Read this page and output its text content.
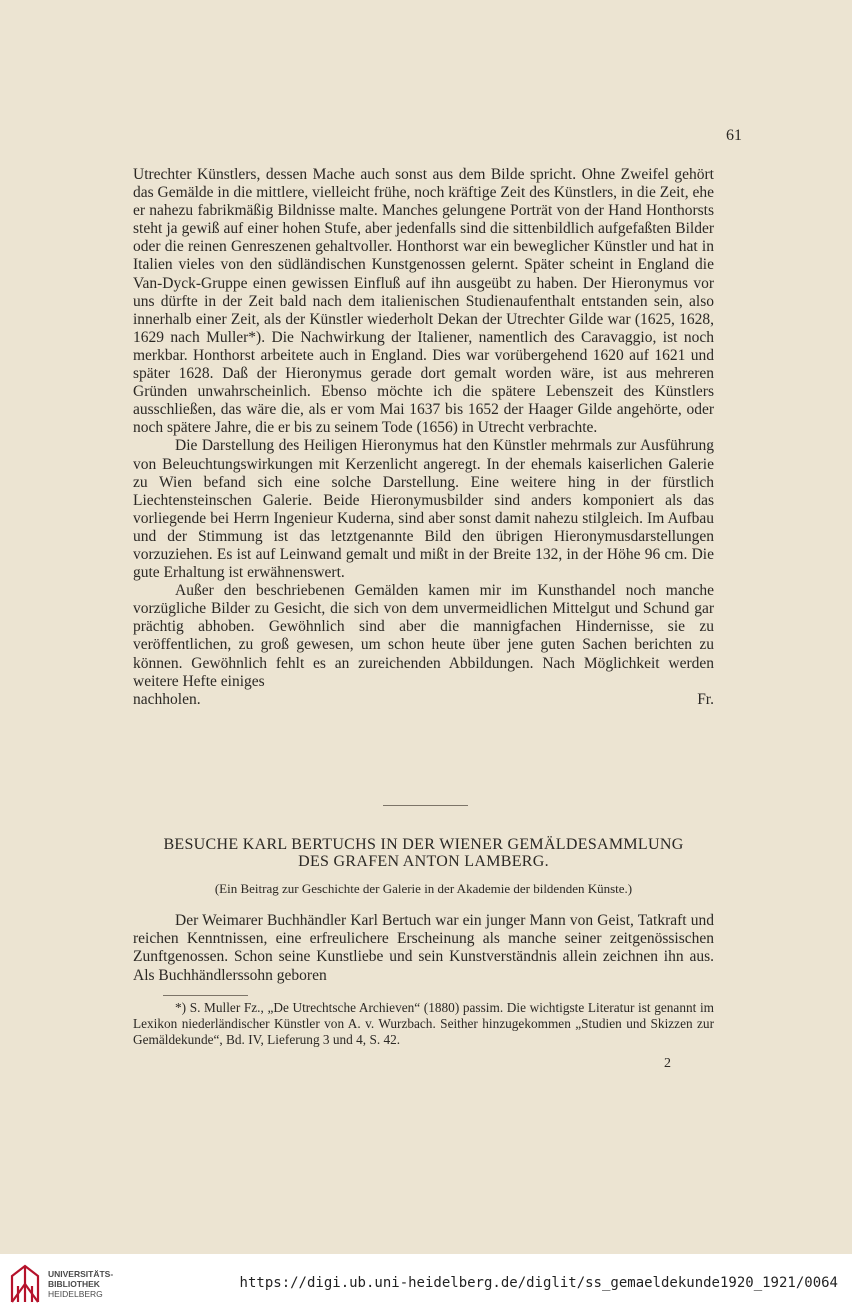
61

Utrechter Künstlers, dessen Mache auch sonst aus dem Bilde spricht. Ohne Zweifel gehört das Gemälde in die mittlere, vielleicht frühe, noch kräftige Zeit des Künstlers, in die Zeit, ehe er nahezu fabrikmäßig Bildnisse malte. Manches gelungene Porträt von der Hand Honthorsts steht ja gewiß auf einer hohen Stufe, aber jedenfalls sind die sittenbildlich aufgefaßten Bilder oder die reinen Genreszenen gehaltvoller. Honthorst war ein beweglicher Künstler und hat in Italien vieles von den südländischen Kunstgenossen gelernt. Später scheint in England die Van-Dyck-Gruppe einen gewissen Einfluß auf ihn ausgeübt zu haben. Der Hieronymus vor uns dürfte in der Zeit bald nach dem italienischen Studienaufenthalt entstanden sein, also innerhalb einer Zeit, als der Künstler wiederholt Dekan der Utrechter Gilde war (1625, 1628, 1629 nach Muller*). Die Nachwirkung der Italiener, namentlich des Caravaggio, ist noch merkbar. Honthorst arbeitete auch in England. Dies war vorübergehend 1620 auf 1621 und später 1628. Daß der Hieronymus gerade dort gemalt worden wäre, ist aus mehreren Gründen unwahrscheinlich. Ebenso möchte ich die spätere Lebenszeit des Künstlers ausschließen, das wäre die, als er vom Mai 1637 bis 1652 der Haager Gilde angehörte, oder noch spätere Jahre, die er bis zu seinem Tode (1656) in Utrecht verbrachte.

Die Darstellung des Heiligen Hieronymus hat den Künstler mehrmals zur Ausführung von Beleuchtungswirkungen mit Kerzenlicht angeregt. In der ehemals kaiserlichen Galerie zu Wien befand sich eine solche Darstellung. Eine weitere hing in der fürstlich Liechtensteinschen Galerie. Beide Hieronymusbilder sind anders komponiert als das vorliegende bei Herrn Ingenieur Kuderna, sind aber sonst damit nahezu stilgleich. Im Aufbau und der Stimmung ist das letztgenannte Bild den übrigen Hieronymusdarstellungen vorzuziehen. Es ist auf Leinwand gemalt und mißt in der Breite 132, in der Höhe 96 cm. Die gute Erhaltung ist erwähnenswert.

Außer den beschriebenen Gemälden kamen mir im Kunsthandel noch manche vorzügliche Bilder zu Gesicht, die sich von dem unvermeidlichen Mittelgut und Schund gar prächtig abhoben. Gewöhnlich sind aber die mannigfachen Hindernisse, sie zu veröffentlichen, zu groß gewesen, um schon heute über jene guten Sachen berichten zu können. Gewöhnlich fehlt es an zureichenden Abbildungen. Nach Möglichkeit werden weitere Hefte einiges

nachholen.	Fr.
BESUCHE KARL BERTUCHS IN DER WIENER GEMÄLDESAMMLUNG
DES GRAFEN ANTON LAMBERG.
(Ein Beitrag zur Geschichte der Galerie in der Akademie der bildenden Künste.)

Der Weimarer Buchhändler Karl Bertuch war ein junger Mann von Geist, Tatkraft und reichen Kenntnissen, eine erfreulichere Erscheinung als manche seiner zeitgenössischen Zunftgenossen. Schon seine Kunstliebe und sein Kunstverständnis allein zeichnen ihn aus. Als Buchhändlerssohn geboren

*) S. Muller Fz., „De Utrechtsche Archieven“ (1880) passim. Die wichtigste Literatur ist genannt im Lexikon niederländischer Künstler von A. v. Wurzbach. Seither hinzugekommen „Studien und Skizzen zur Gemäldekunde“, Bd. IV, Lieferung 3 und 4, S. 42.
2
UNIVERSITÄTS-
BIBLIOTHEK
HEIDELBERG
https://digi.ub.uni-heidelberg.de/diglit/ss_gemaeldekunde1920_1921/0064
